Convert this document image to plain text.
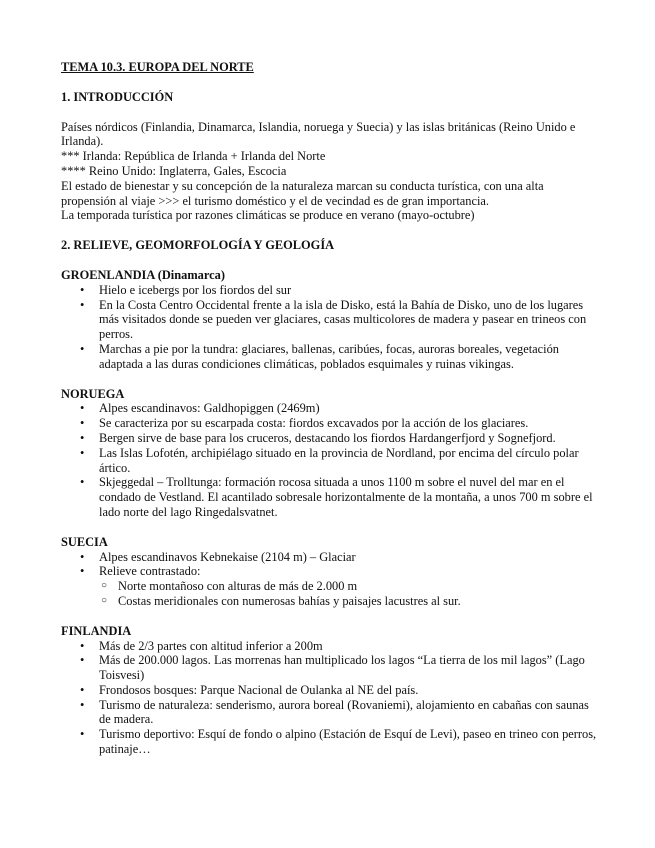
TEMA 10.3. EUROPA DEL NORTE
1. INTRODUCCIÓN

Países nórdicos (Finlandia, Dinamarca, Islandia, noruega y Suecia) y las islas británicas (Reino Unido e Irlanda).

*** Irlanda: República de Irlanda + Irlanda del Norte

**** Reino Unido: Inglaterra, Gales, Escocia

El estado de bienestar y su concepción de la naturaleza marcan su conducta turística, con una alta propensión al viaje >>> el turismo doméstico y el de vecindad es de gran importancia.

La temporada turística por razones climáticas se produce en verano (mayo-octubre)

2. RELIEVE, GEOMORFOLOGÍA Y GEOLOGÍA
GROENLANDIA (Dinamarca)
• Hielo e icebergs por los fiordos del sur
• En la Costa Centro Occidental frente a la isla de Disko, está la Bahía de Disko, uno de los lugares más visitados donde se pueden ver glaciares, casas multicolores de madera y pasear en trineos con perros.
• Marchas a pie por la tundra: glaciares, ballenas, caribúes, focas, auroras boreales, vegetación adaptada a las duras condiciones climáticas, poblados esquimales y ruinas vikingas.
NORUEGA
• Alpes escandinavos: Galdhopiggen (2469m)
• Se caracteriza por su escarpada costa: fiordos excavados por la acción de los glaciares.
• Bergen sirve de base para los cruceros, destacando los fiordos Hardangerfjord y Sognefjord.
• Las Islas Lofotén, archipiélago situado en la provincia de Nordland, por encima del círculo polar ártico.
• Skjeggedal – Trolltunga: formación rocosa situada a unos 1100 m sobre el nuvel del mar en el condado de Vestland. El acantilado sobresale horizontalmente de la montaña, a unos 700 m sobre el lado norte del lago Ringedalsvatnet.
SUECIA
• Alpes escandinavos Kebnekaise (2104 m) – Glaciar
• Relieve contrastado:
○ Norte montañoso con alturas de más de 2.000 m
○ Costas meridionales con numerosas bahías y paisajes lacustres al sur.
FINLANDIA
• Más de 2/3 partes con altitud inferior a 200m
• Más de 200.000 lagos. Las morrenas han multiplicado los lagos “La tierra de los mil lagos” (Lago Toisvesi)
• Frondosos bosques: Parque Nacional de Oulanka al NE del país.
• Turismo de naturaleza: senderismo, aurora boreal (Rovaniemi), alojamiento en cabañas con saunas de madera.
• Turismo deportivo: Esquí de fondo o alpino (Estación de Esquí de Levi), paseo en trineo con perros, patinaje…
